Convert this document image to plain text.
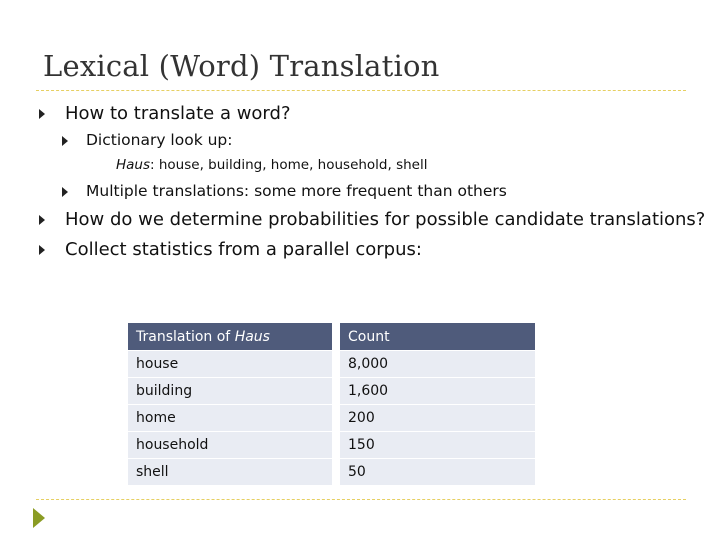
Lexical (Word) Translation
How to translate a word?
Dictionary look up:
Haus: house, building, home, household, shell
Multiple translations: some more frequent than others
How do we determine probabilities for possible candidate translations?
Collect statistics from a parallel corpus:
Translation of Haus	Count
house	8,000
building	1,600
home	200
household	150
shell	50
